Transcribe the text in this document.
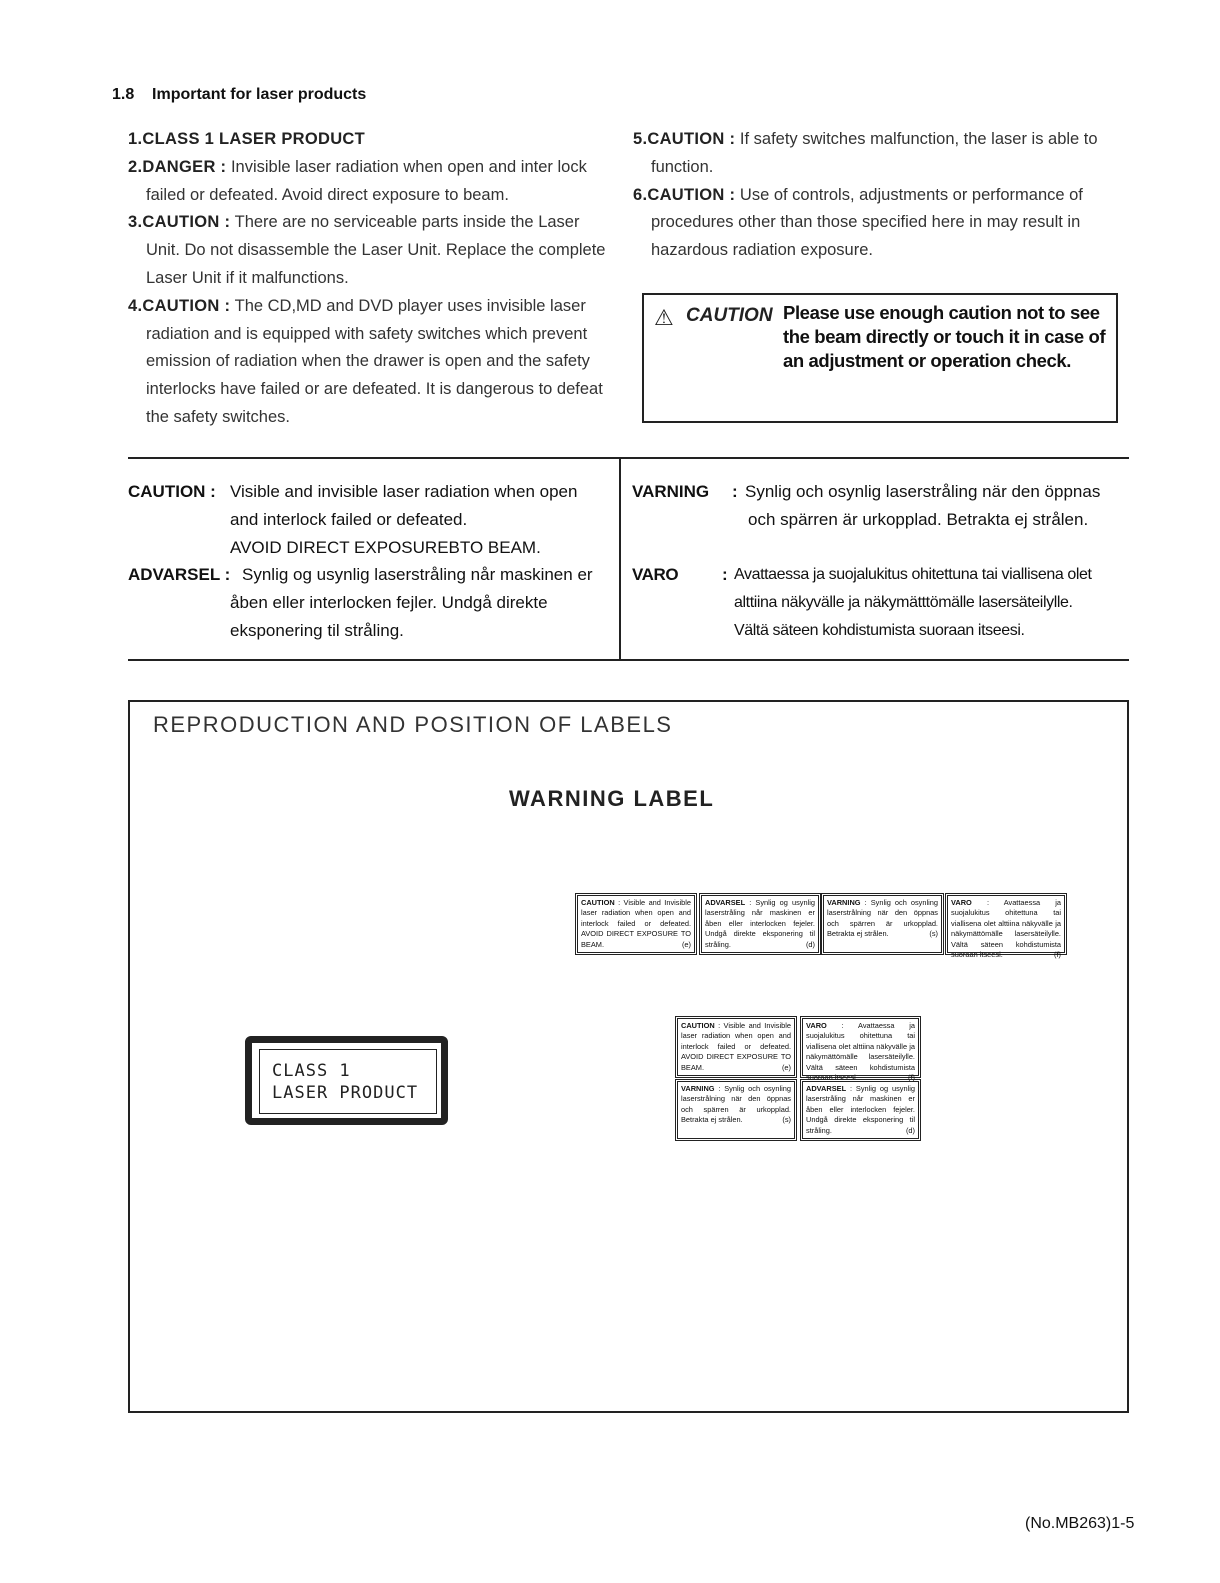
1.8 Important for laser products

1.CLASS 1 LASER PRODUCT

2.DANGER : Invisible laser radiation when open and inter lock failed or defeated. Avoid direct exposure to beam.

3.CAUTION : There are no serviceable parts inside the Laser Unit. Do not disassemble the Laser Unit. Replace the complete Laser Unit if it malfunctions.

4.CAUTION : The CD,MD and DVD player uses invisible laser radiation and is equipped with safety switches which prevent emission of radiation when the drawer is open and the safety interlocks have failed or are defeated. It is dangerous to defeat the safety switches.

5.CAUTION : If safety switches malfunction, the laser is able to function.

6.CAUTION : Use of controls, adjustments or performance of procedures other than those specified here in may result in hazardous radiation exposure.

⚠ CAUTION Please use enough caution not to see the beam directly or touch it in case of an adjustment or operation check.
CAUTION : Visible and invisible laser radiation when open
and interlock failed or defeated.
AVOID DIRECT EXPOSUREBTO BEAM.
ADVARSEL : Synlig og usynlig laserstråling når maskinen er
åben eller interlocken fejler. Undgå direkte
eksponering til stråling.
VARNING : Synlig och osynlig laserstråling när den öppnas
och spärren är urkopplad. Betrakta ej strålen.
VARO	: Avattaessa ja suojalukitus ohitettuna tai viallisena olet
alttiina näkyvälle ja näkymätttömälle lasersäteilylle.
Vältä säteen kohdistumista suoraan itseesi.
REPRODUCTION AND POSITION OF LABELS
WARNING LABEL
CAUTION : Visible and Invisible laser radiation when open and interlock failed or defeated. AVOID DIRECT EXPOSURE TO BEAM.	(e)
ADVARSEL : Synlig og usynlig laserstråling når maskinen er åben eller interlocken fejeler. Undgå direkte eksponering til stråling.	(d)
VARNING : Synlig och osynling laserstrålning när den öppnas och spärren är urkopplad. Betrakta ej strålen.	(s)
VARO : Avattaessa ja suojalukitus ohitettuna tai viallisena olet alttiina näkyvälle ja näkymättömälle lasersäteilylle. Vältä säteen kohdistumista suoraan itseesi.	(f)
CAUTION : Visible and Invisible laser radiation when open and interlock failed or defeated. AVOID DIRECT EXPOSURE TO BEAM.	(e)
VARO : Avattaessa ja suojalukitus ohitettuna tai viallisena olet alttiina näkyvälle ja näkymättömälle lasersäteilylle. Vältä säteen kohdistumista suoraan itseesi.	(f)
VARNING : Synlig och osynling laserstrålning när den öppnas och spärren är urkopplad. Betrakta ej strålen.	(s)
ADVARSEL : Synlig og usynlig laserstråling når maskinen er åben eller interlocken fejeler. Undgå direkte eksponering til stråling.	(d)
CLASS 1
LASER PRODUCT
(No.MB263)1-5
